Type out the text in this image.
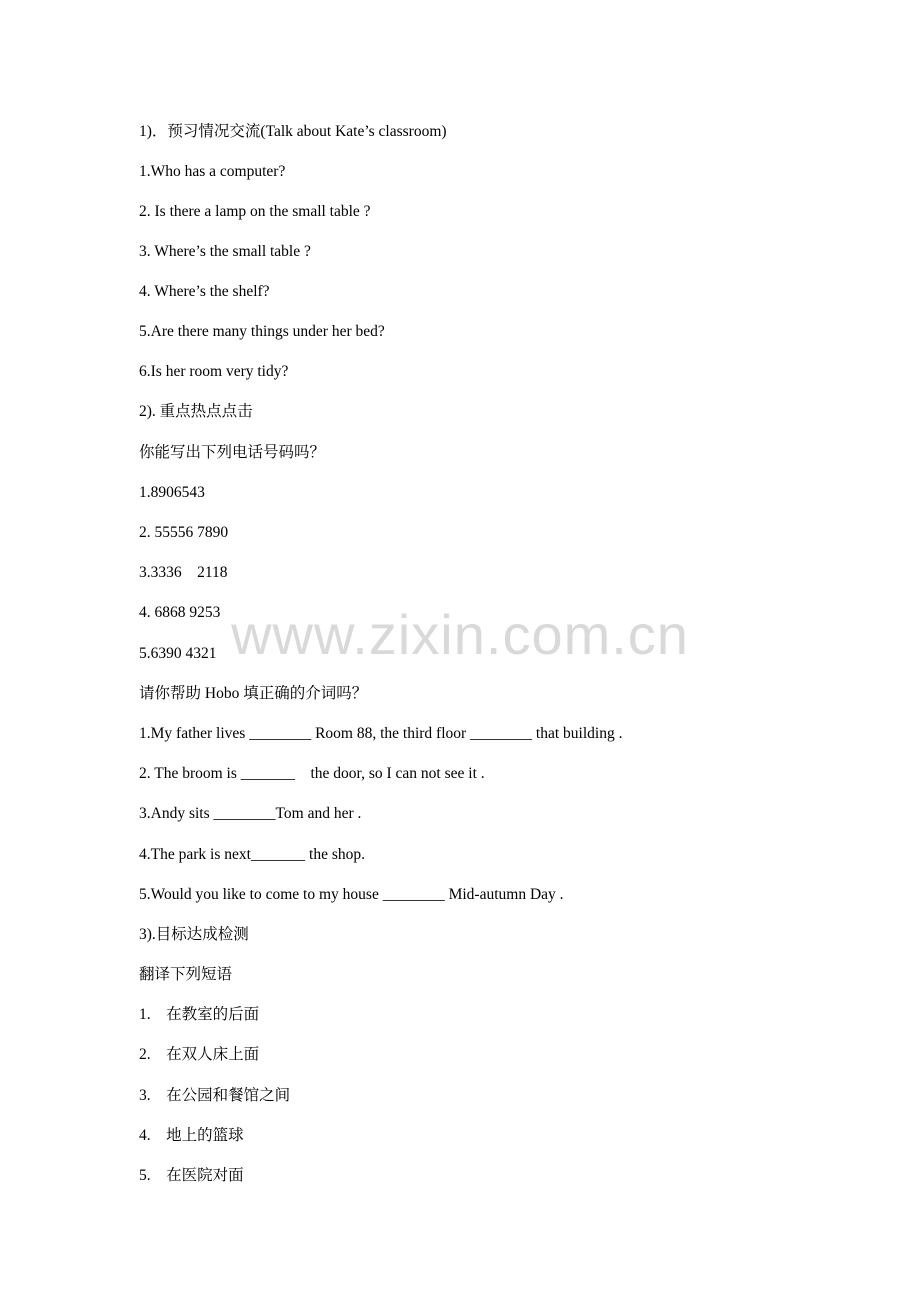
1)．预习情况交流(Talk about Kate’s classroom)
1.Who has a computer?
2. Is there a lamp on the small table ?
3. Where’s the small table ?
4. Where’s the shelf?
5.Are there many things under her bed?
6.Is her room very tidy?
2). 重点热点点击
你能写出下列电话号码吗？
1.8906543
2. 55556 7890
3.3336    2118
4. 6868 9253
5.6390 4321
请你帮助 Hobo 填正确的介词吗？
1.My father lives ________ Room 88, the third floor ________ that building .
2. The broom is _______    the door, so I can not see it .
3.Andy sits ________Tom and her .
4.The park is next_______ the shop.
5.Would you like to come to my house ________ Mid-autumn Day .
3).目标达成检测
翻译下列短语
1.    在教室的后面
2.    在双人床上面
3.    在公园和餐馆之间
4.    地上的篮球
5.    在医院对面
www.zixin.com.cn
